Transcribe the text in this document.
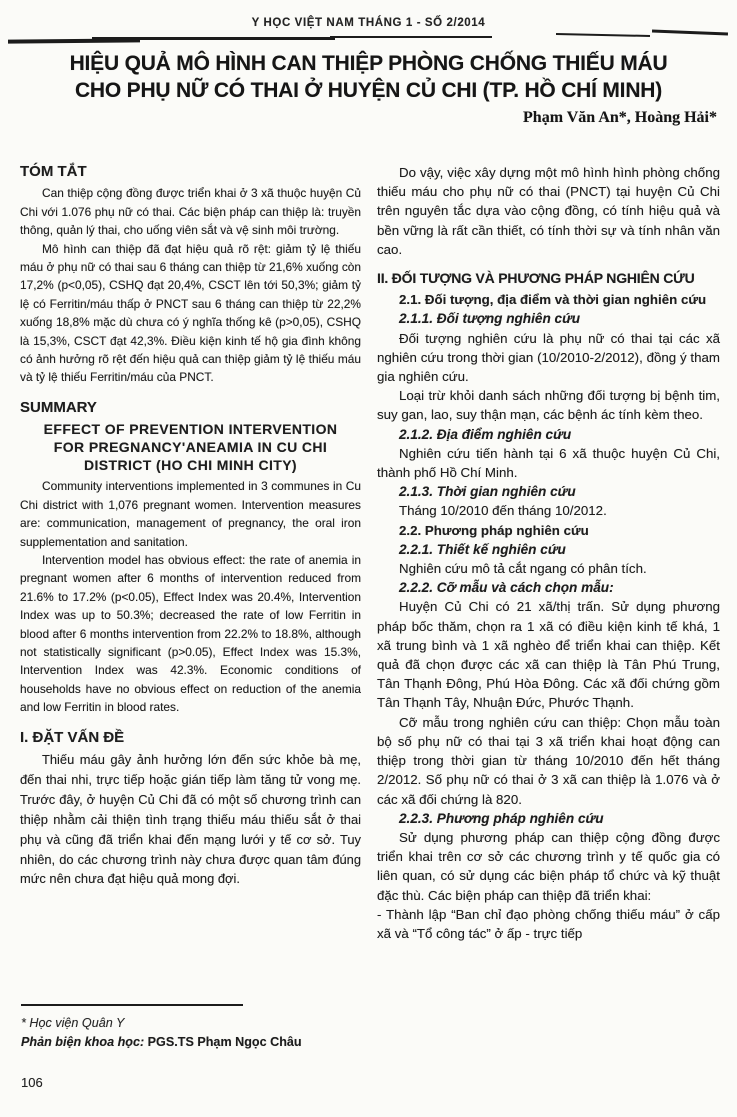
Y HỌC VIỆT NAM THÁNG 1 - SỐ 2/2014
HIỆU QUẢ MÔ HÌNH CAN THIỆP PHÒNG CHỐNG THIẾU MÁU
CHO PHỤ NỮ CÓ THAI Ở HUYỆN CỦ CHI (TP. HỒ CHÍ MINH)
Phạm Văn An*, Hoàng Hải*
TÓM TẮT

Can thiệp cộng đồng được triển khai ở 3 xã thuộc huyện Củ Chi với 1.076 phụ nữ có thai. Các biện pháp can thiệp là: truyền thông, quản lý thai, cho uống viên sắt và vệ sinh môi trường.

Mô hình can thiệp đã đạt hiệu quả rõ rệt: giảm tỷ lệ thiếu máu ở phụ nữ có thai sau 6 tháng can thiệp từ 21,6% xuống còn 17,2% (p<0,05), CSHQ đạt 20,4%, CSCT lên tới 50,3%; giảm tỷ lệ có Ferritin/máu thấp ở PNCT sau 6 tháng can thiệp từ 22,2% xuống 18,8% mặc dù chưa có ý nghĩa thống kê (p>0,05), CSHQ là 15,3%, CSCT đạt 42,3%. Điều kiện kinh tế hộ gia đình không có ảnh hưởng rõ rệt đến hiệu quả can thiệp giảm tỷ lệ thiếu máu và tỷ lệ thiếu Ferritin/máu của PNCT.

SUMMARY
EFFECT OF PREVENTION INTERVENTION
FOR PREGNANCY'ANEAMIA IN CU CHI
DISTRICT (HO CHI MINH CITY)

Community interventions implemented in 3 communes in Cu Chi district with 1,076 pregnant women. Intervention measures are: communication, management of pregnancy, the oral iron supplementation and sanitation.

Intervention model has obvious effect: the rate of anemia in pregnant women after 6 months of intervention reduced from 21.6% to 17.2% (p<0.05), Effect Index was 20.4%, Intervention Index was up to 50.3%; decreased the rate of low Ferritin in blood after 6 months intervention from 22.2% to 18.8%, although not statistically significant (p>0.05), Effect Index was 15.3%, Intervention Index was 42.3%. Economic conditions of households have no obvious effect on reduction of the anemia and low Ferritin in blood rates.

I. ĐẶT VẤN ĐỀ

Thiếu máu gây ảnh hưởng lớn đến sức khỏe bà mẹ, đến thai nhi, trực tiếp hoặc gián tiếp làm tăng tử vong mẹ. Trước đây, ở huyện Củ Chi đã có một số chương trình can thiệp nhằm cải thiện tình trạng thiếu máu thiếu sắt ở thai phụ và cũng đã triển khai đến mạng lưới y tế cơ sở. Tuy nhiên, do các chương trình này chưa được quan tâm đúng mức nên chưa đạt hiệu quả mong đợi.

Do vậy, việc xây dựng một mô hình hình phòng chống thiếu máu cho phụ nữ có thai (PNCT) tại huyện Củ Chi trên nguyên tắc dựa vào cộng đồng, có tính hiệu quả và bền vững là rất cần thiết, có tính thời sự và tính nhân văn cao.

II. ĐỐI TƯỢNG VÀ PHƯƠNG PHÁP NGHIÊN CỨU
2.1. Đối tượng, địa điểm và thời gian nghiên cứu
2.1.1. Đối tượng nghiên cứu

Đối tượng nghiên cứu là phụ nữ có thai tại các xã nghiên cứu trong thời gian (10/2010-2/2012), đồng ý tham gia nghiên cứu.

Loại trừ khỏi danh sách những đối tượng bị bệnh tim, suy gan, lao, suy thận mạn, các bệnh ác tính kèm theo.

2.1.2. Địa điểm nghiên cứu

Nghiên cứu tiến hành tại 6 xã thuộc huyện Củ Chi, thành phố Hồ Chí Minh.

2.1.3. Thời gian nghiên cứu

Tháng 10/2010 đến tháng 10/2012.

2.2. Phương pháp nghiên cứu
2.2.1. Thiết kế nghiên cứu

Nghiên cứu mô tả cắt ngang có phân tích.

2.2.2. Cỡ mẫu và cách chọn mẫu:

Huyện Củ Chi có 21 xã/thị trấn. Sử dụng phương pháp bốc thăm, chọn ra 1 xã có điều kiện kinh tế khá, 1 xã trung bình và 1 xã nghèo để triển khai can thiệp. Kết quả đã chọn được các xã can thiệp là Tân Phú Trung, Tân Thạnh Đông, Phú Hòa Đông. Các xã đối chứng gồm Tân Thạnh Tây, Nhuận Đức, Phước Thạnh.

Cỡ mẫu trong nghiên cứu can thiệp: Chọn mẫu toàn bộ số phụ nữ có thai tại 3 xã triển khai hoạt động can thiệp trong thời gian từ tháng 10/2010 đến hết tháng 2/2012. Số phụ nữ có thai ở 3 xã can thiệp là 1.076 và ở các xã đối chứng là 820.

2.2.3. Phương pháp nghiên cứu

Sử dụng phương pháp can thiệp cộng đồng được triển khai trên cơ sở các chương trình y tế quốc gia có liên quan, có sử dụng các biện pháp tổ chức và kỹ thuật đặc thù. Các biện pháp can thiệp đã triển khai:

- Thành lập “Ban chỉ đạo phòng chống thiếu máu” ở cấp xã và “Tổ công tác” ở ấp - trực tiếp

* Học viện Quân Y
Phản biện khoa học: PGS.TS Phạm Ngọc Châu
106
